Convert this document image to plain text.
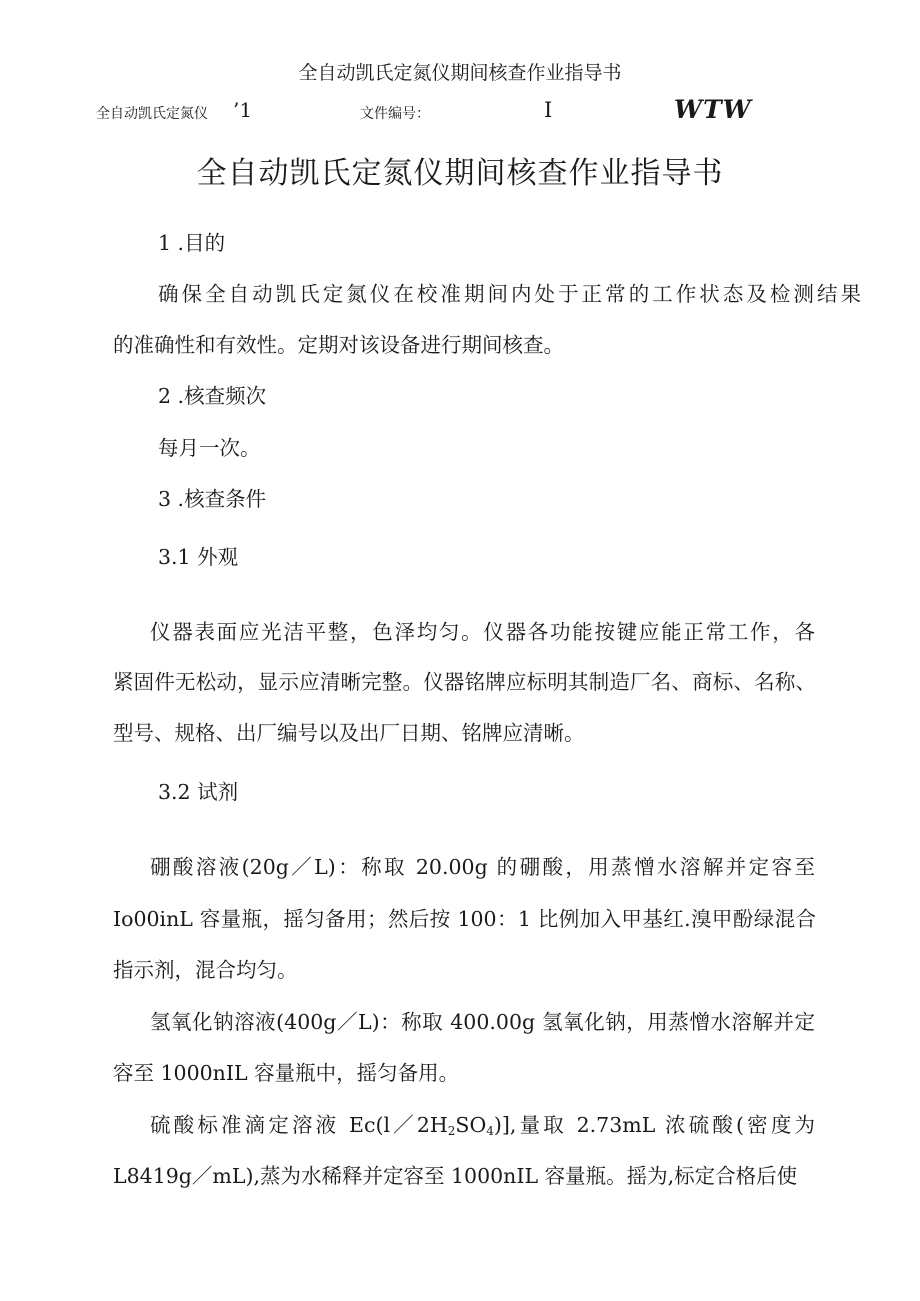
全自动凯氏定氮仪期间核查作业指导书
全自动凯氏定氮仪 ’1	文件编号：	I	WTW
全自动凯氏定氮仪期间核查作业指导书
1 .目的
确保全自动凯氏定氮仪在校准期间内处于正常的工作状态及检测结果
的准确性和有效性。定期对该设备进行期间核查。
2 .核查频次
每月一次。
3 .核查条件
3.1 外观
仪器表面应光洁平整，色泽均匀。仪器各功能按键应能正常工作，各
紧固件无松动，显示应清晰完整。仪器铭牌应标明其制造厂名、商标、名称、
型号、规格、出厂编号以及出厂日期、铭牌应清晰。
3.2 试剂
硼酸溶液(20g／L)：称取 20.00g 的硼酸，用蒸憎水溶解并定容至
Io00inL 容量瓶，摇匀备用；然后按 100：1 比例加入甲基红.溴甲酚绿混合
指示剂，混合均匀。
氢氧化钠溶液(400g／L)：称取 400.00g 氢氧化钠，用蒸憎水溶解并定
容至 1000nIL 容量瓶中，摇匀备用。
硫酸标准滴定溶液 $Ec(l/2H_2SO_4)$],量取 2.73mL 浓硫酸(密度为
L8419g／mL),蒸为水稀释并定容至 1000nIL 容量瓶。摇为,标定合格后使
